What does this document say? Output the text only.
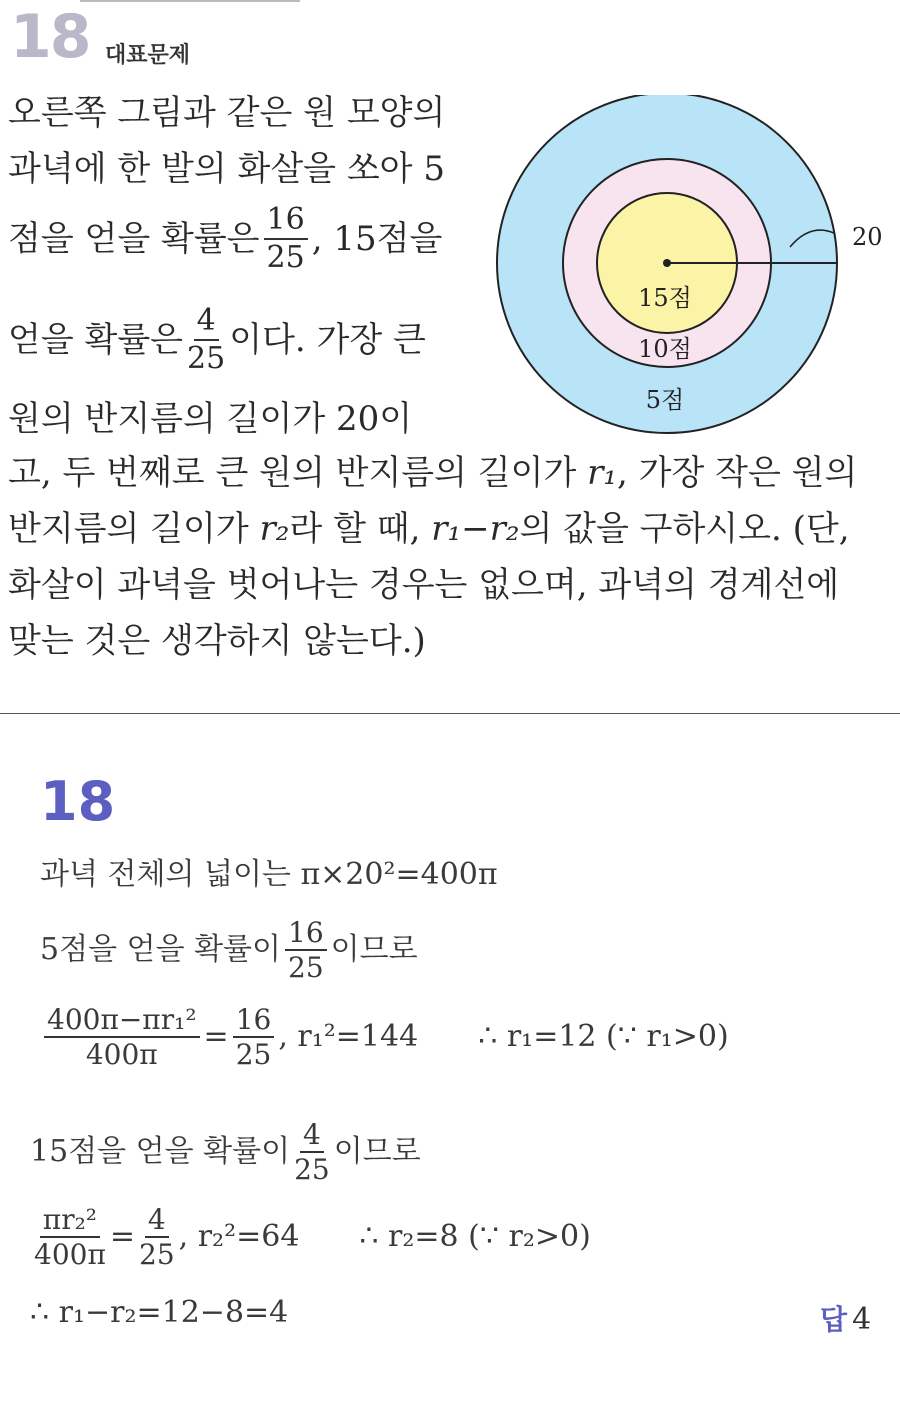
18 대표문제
오른쪽 그림과 같은 원 모양의
과녁에 한 발의 화살을 쏘아 5
점을 얻을 확률은 $\frac{16}{25}$ , 15점을
얻을 확률은 $\frac{4}{25}$ 이다. 가장 큰
원의 반지름의 길이가 20이
고, 두 번째로 큰 원의 반지름의 길이가 r₁, 가장 작은 원의
반지름의 길이가 r₂라 할 때, r₁−r₂의 값을 구하시오. (단,
화살이 과녁을 벗어나는 경우는 없으며, 과녁의 경계선에
맞는 것은 생각하지 않는다.)
20
15점
10점
5점
18
과녁 전체의 넓이는 π×20²=400π
5점을 얻을 확률이 $\frac{16}{25}$ 이므로
$\frac{\text{400π−πr₁²}}{400\pi} = \frac{16}{25}$ , r₁²=144 ∴ r₁=12 (∵ r₁>0)
15점을 얻을 확률이 $\frac{4}{25}$ 이므로
$\frac{\text{πr₂²}}{400\pi} = \frac{4}{25}$ , r₂²=64 ∴ r₂=8 (∵ r₂>0)
∴ r₁−r₂=12−8=4	답 4
